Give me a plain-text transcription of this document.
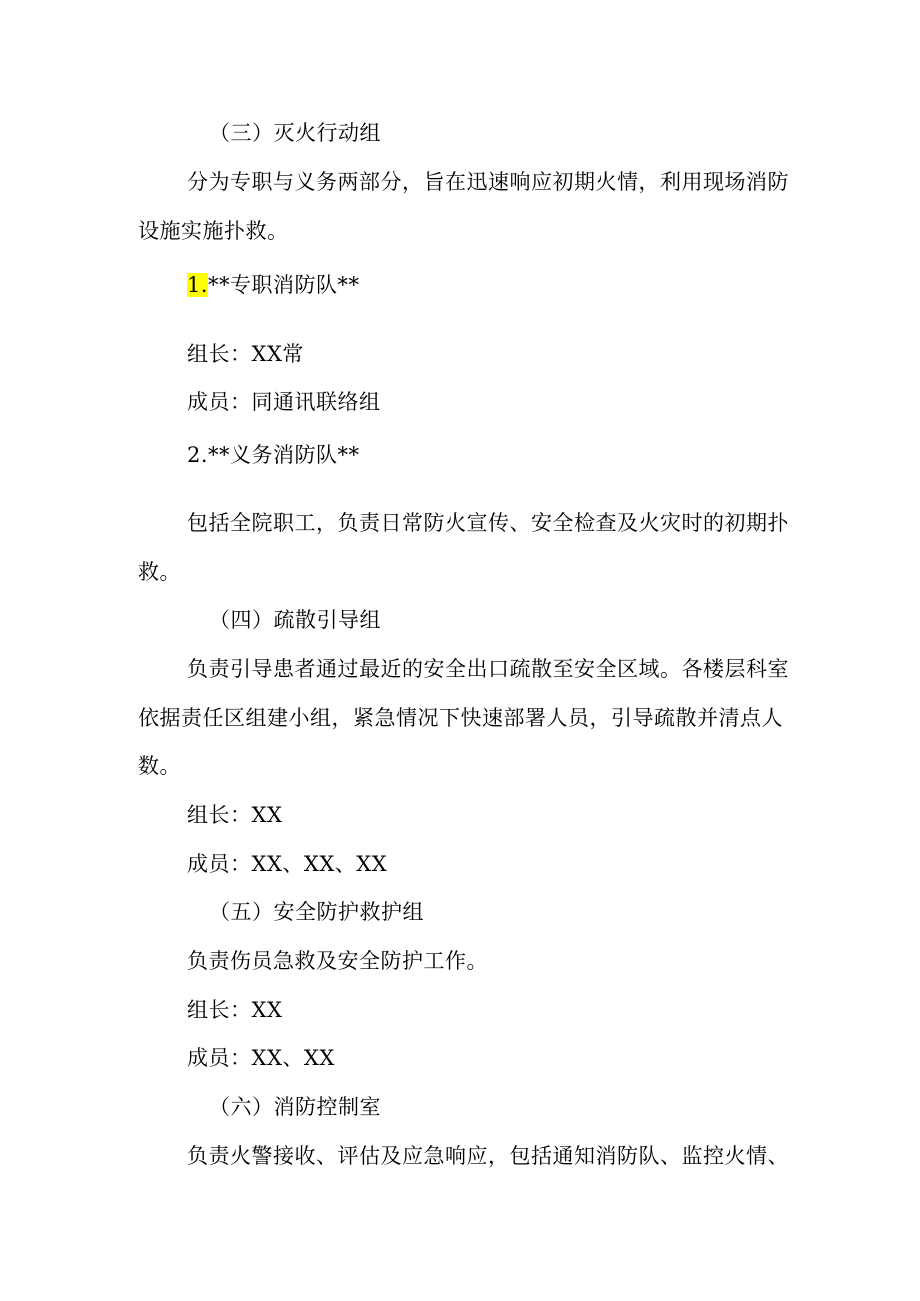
（三）灭火行动组
分为专职与义务两部分，旨在迅速响应初期火情，利用现场消防
设施实施扑救。
1.**专职消防队**
组长：XX常
成员：同通讯联络组
2.**义务消防队**
包括全院职工，负责日常防火宣传、安全检查及火灾时的初期扑
救。
（四）疏散引导组
负责引导患者通过最近的安全出口疏散至安全区域。各楼层科室
依据责任区组建小组，紧急情况下快速部署人员，引导疏散并清点人
数。
组长：XX
成员：XX、XX、XX
（五）安全防护救护组
负责伤员急救及安全防护工作。
组长：XX
成员：XX、XX
（六）消防控制室
负责火警接收、评估及应急响应，包括通知消防队、监控火情、
